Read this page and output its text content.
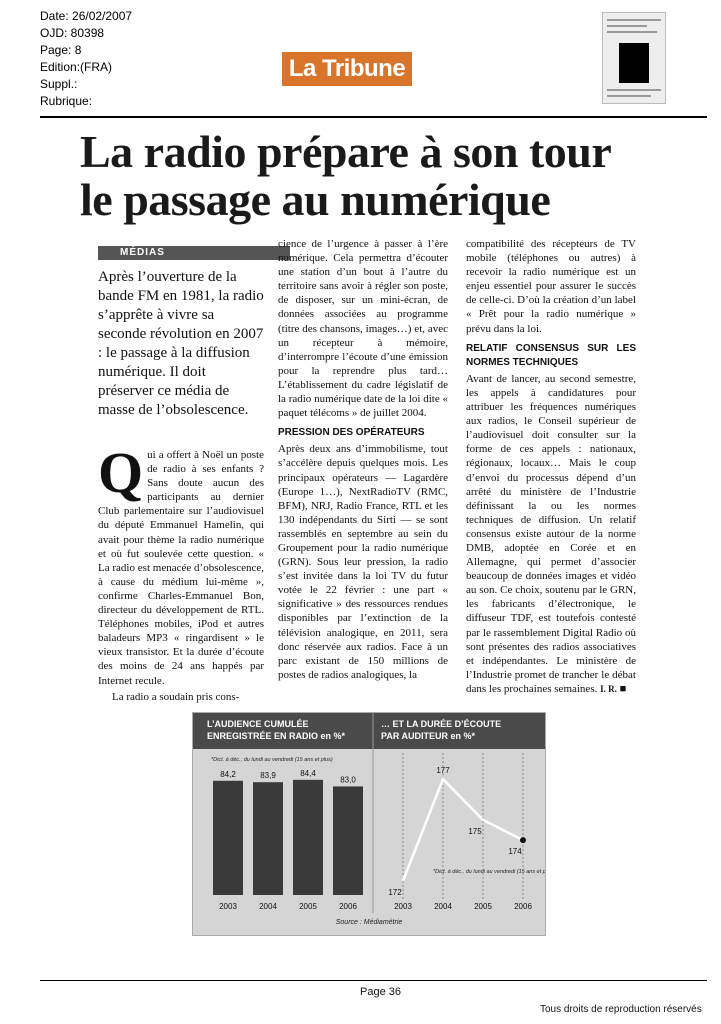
Date: 26/02/2007
OJD: 80398
Page: 8
Edition:(FRA)
Suppl.:
Rubrique:
La Tribune
La radio prépare à son tour
le passage au numérique
MÉDIAS
Après l’ouverture de la bande FM en 1981, la radio s’apprête à vivre sa seconde révolution en 2007 : le passage à la diffusion numérique. Il doit préserver ce média de masse de l’obsolescence.
Q ui a offert à Noël un poste de radio à ses enfants ? Sans doute aucun des participants au dernier Club parlementaire sur l’audiovisuel du député Emmanuel Hamelin, qui avait pour thème la radio numérique et où fut soulevée cette question. « La radio est menacée d’obsolescence, à cause du médium lui-même », confirme Charles-Emmanuel Bon, directeur du développement de RTL. Téléphones mobiles, iPod et autres baladeurs MP3 « ringardisent » le vieux transistor. Et la durée d’écoute des moins de 24 ans happés par Internet recule.
La radio a soudain pris cons-
cience de l’urgence à passer à l’ère numérique. Cela permettra d’écouter une station d’un bout à l’autre du territoire sans avoir à régler son poste, de disposer, sur un mini-écran, de données associées au programme (titre des chansons, images…) et, avec un récepteur à mémoire, d’interrompre l’écoute d’une émission pour la reprendre plus tard… L’établissement du cadre législatif de la radio numérique date de la loi dite « paquet télécoms » de juillet 2004.
PRESSION DES OPÉRATEURS
Après deux ans d’immobilisme, tout s’accélère depuis quelques mois. Les principaux opérateurs — Lagardère (Europe 1…), NextRadioTV (RMC, BFM), NRJ, Radio France, RTL et les 130 indépendants du Sirti — se sont rassemblés en septembre au sein du Groupement pour la radio numérique (GRN). Sous leur pression, la radio s’est invitée dans la loi TV du futur votée le 22 février : une part « significative » des ressources rendues disponibles par l’extinction de la télévision analogique, en 2011, sera donc réservée aux radios. Face à un parc existant de 150 millions de postes de radios analogiques, la
compatibilité des récepteurs de TV mobile (téléphones ou autres) à recevoir la radio numérique est un enjeu essentiel pour assurer le succès de celle-ci. D’où la création d’un label « Prêt pour la radio numérique » prévu dans la loi.
RELATIF CONSENSUS SUR LES NORMES TECHNIQUES
Avant de lancer, au second semestre, les appels à candidatures pour attribuer les fréquences numériques aux radios, le Conseil supérieur de l’audiovisuel doit consulter sur la forme de ces appels : nationaux, régionaux, locaux… Mais le coup d’envoi du processus dépend d’un arrêté du ministère de l’Industrie définissant la ou les normes techniques de diffusion. Un relatif consensus existe autour de la norme DMB, adoptée en Corée et en Allemagne, qui permet d’associer beaucoup de données images et vidéo au son. Ce choix, soutenu par le GRN, les fabricants d’électronique, le diffuseur TDF, est toutefois contesté par le rassemblement Digital Radio où sont présentes des radios associatives et indépendantes. Le ministère de l’Industrie promet de trancher le débat dans les prochaines semaines. I. R. ■
L’AUDIENCE CUMULÉE
ENREGISTRÉE EN RADIO en %*
… ET LA DURÉE D’ÉCOUTE
PAR AUDITEUR en %*
*Dict. à déc., du lundi au vendredi (15 ans et plus)
*Dict. à déc., du lundi au vendredi (15 ans et plus)
84,2
2003
83,9
2004
84,4
2005
83,0
2006	2003	2004	2005	2006
172
177
175
174
Source : Médiamétrie
Page 36
Tous droits de reproduction réservés
